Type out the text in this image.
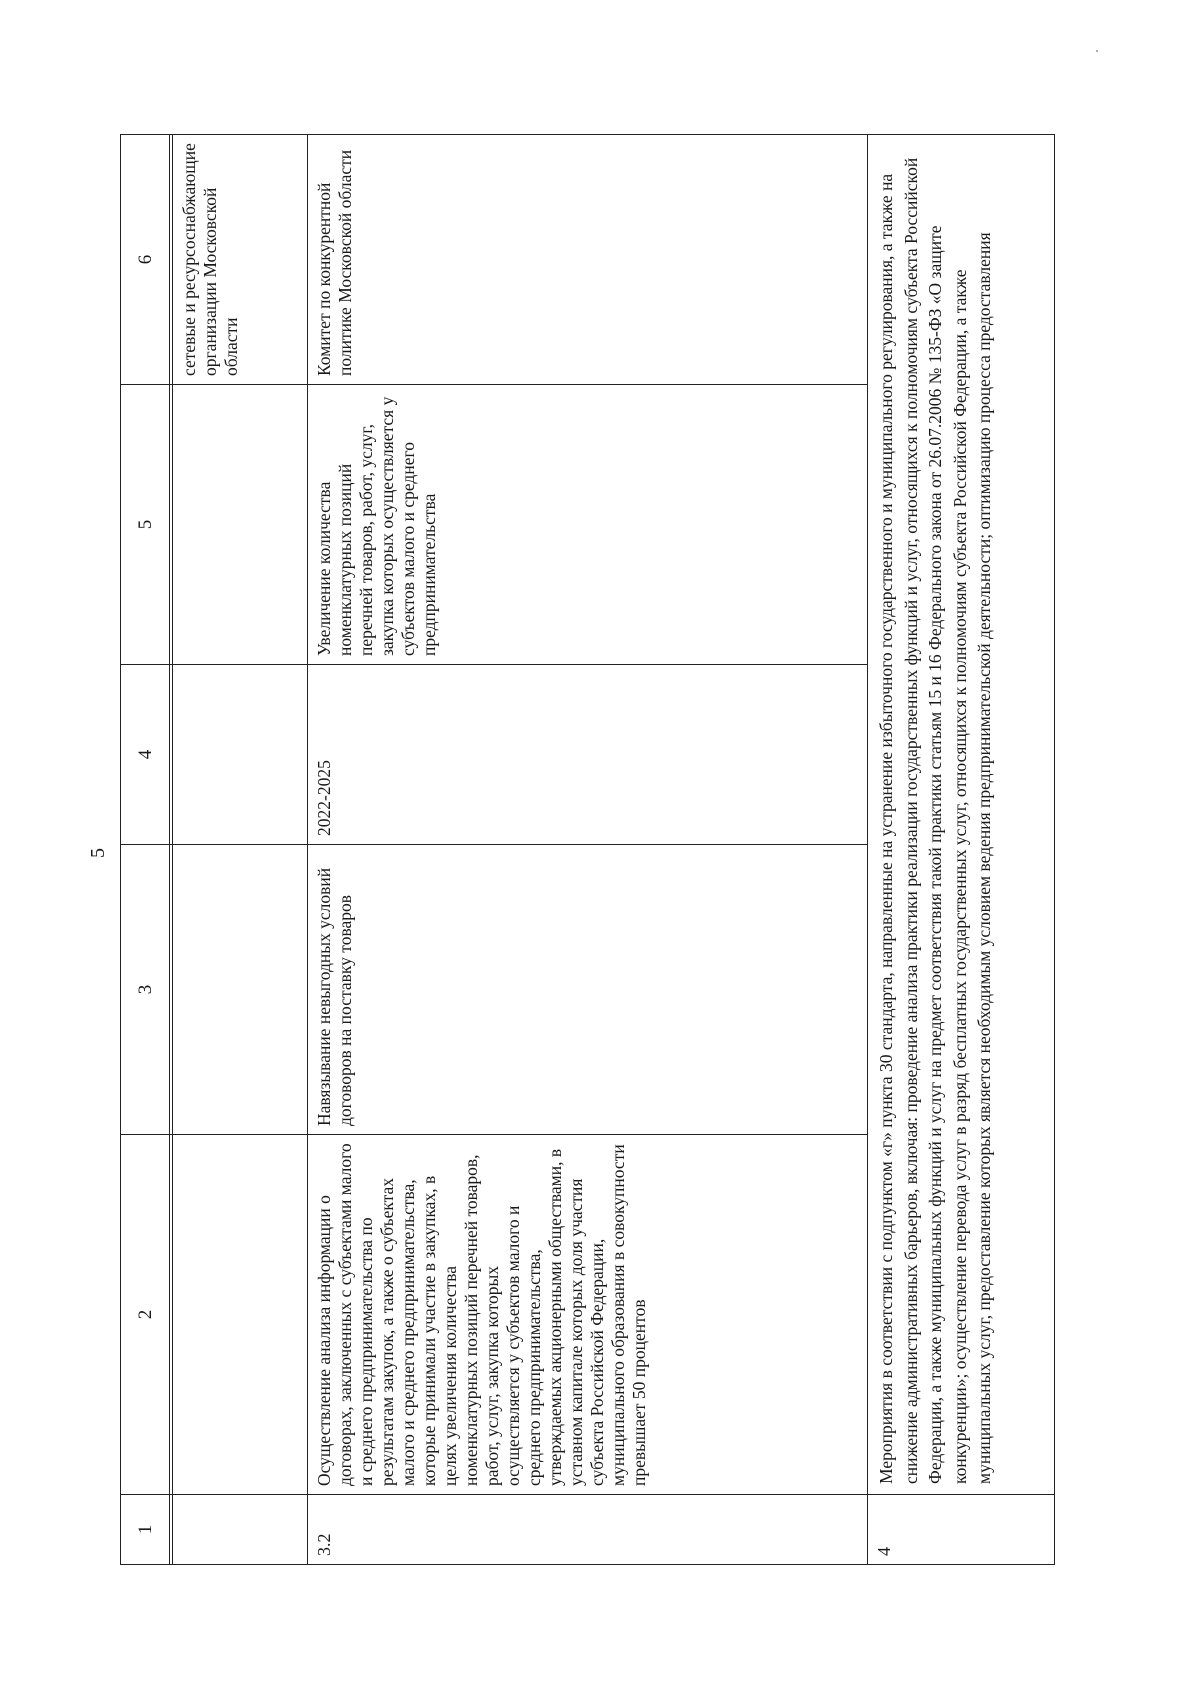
5
1	2	3	4	5	6

					сетевые и ресурсоснабжающие организации Московской области
3.2	Осуществление анализа информации о договорах, заключенных с субъектами малого и среднего предпринимательства по результатам закупок, а также о субъектах малого и среднего предпринимательства, которые принимали участие в закупках, в целях увеличения количества номенклатурных позиций перечней товаров, работ, услуг, закупка которых осуществляется у субъектов малого и среднего предпринимательства, утверждаемых акционерными обществами, в уставном капитале которых доля участия субъекта Российской Федерации, муниципального образования в совокупности превышает 50 процентов	Навязывание невыгодных условий договоров на поставку товаров	2022-2025	Увеличение количества номенклатурных позиций перечней товаров, работ, услуг, закупка которых осуществляется у субъектов малого и среднего предпринимательства	Комитет по конкурентной политике Московской области
4	Мероприятия в соответствии с подпунктом «г» пункта 30 стандарта, направленные на устранение избыточного государственного и муниципального регулирования, а также на снижение административных барьеров, включая: проведение анализа практики реализации государственных функций и услуг, относящихся к полномочиям субъекта Российской Федерации, а также муниципальных функций и услуг на предмет соответствия такой практики статьям 15 и 16 Федерального закона от 26.07.2006 № 135-ФЗ «О защите конкуренции»; осуществление перевода услуг в разряд бесплатных государственных услуг, относящихся к полномочиям субъекта Российской Федерации, а также муниципальных услуг, предоставление которых является необходимым условием ведения предпринимательской деятельности; оптимизацию процесса предоставления				
